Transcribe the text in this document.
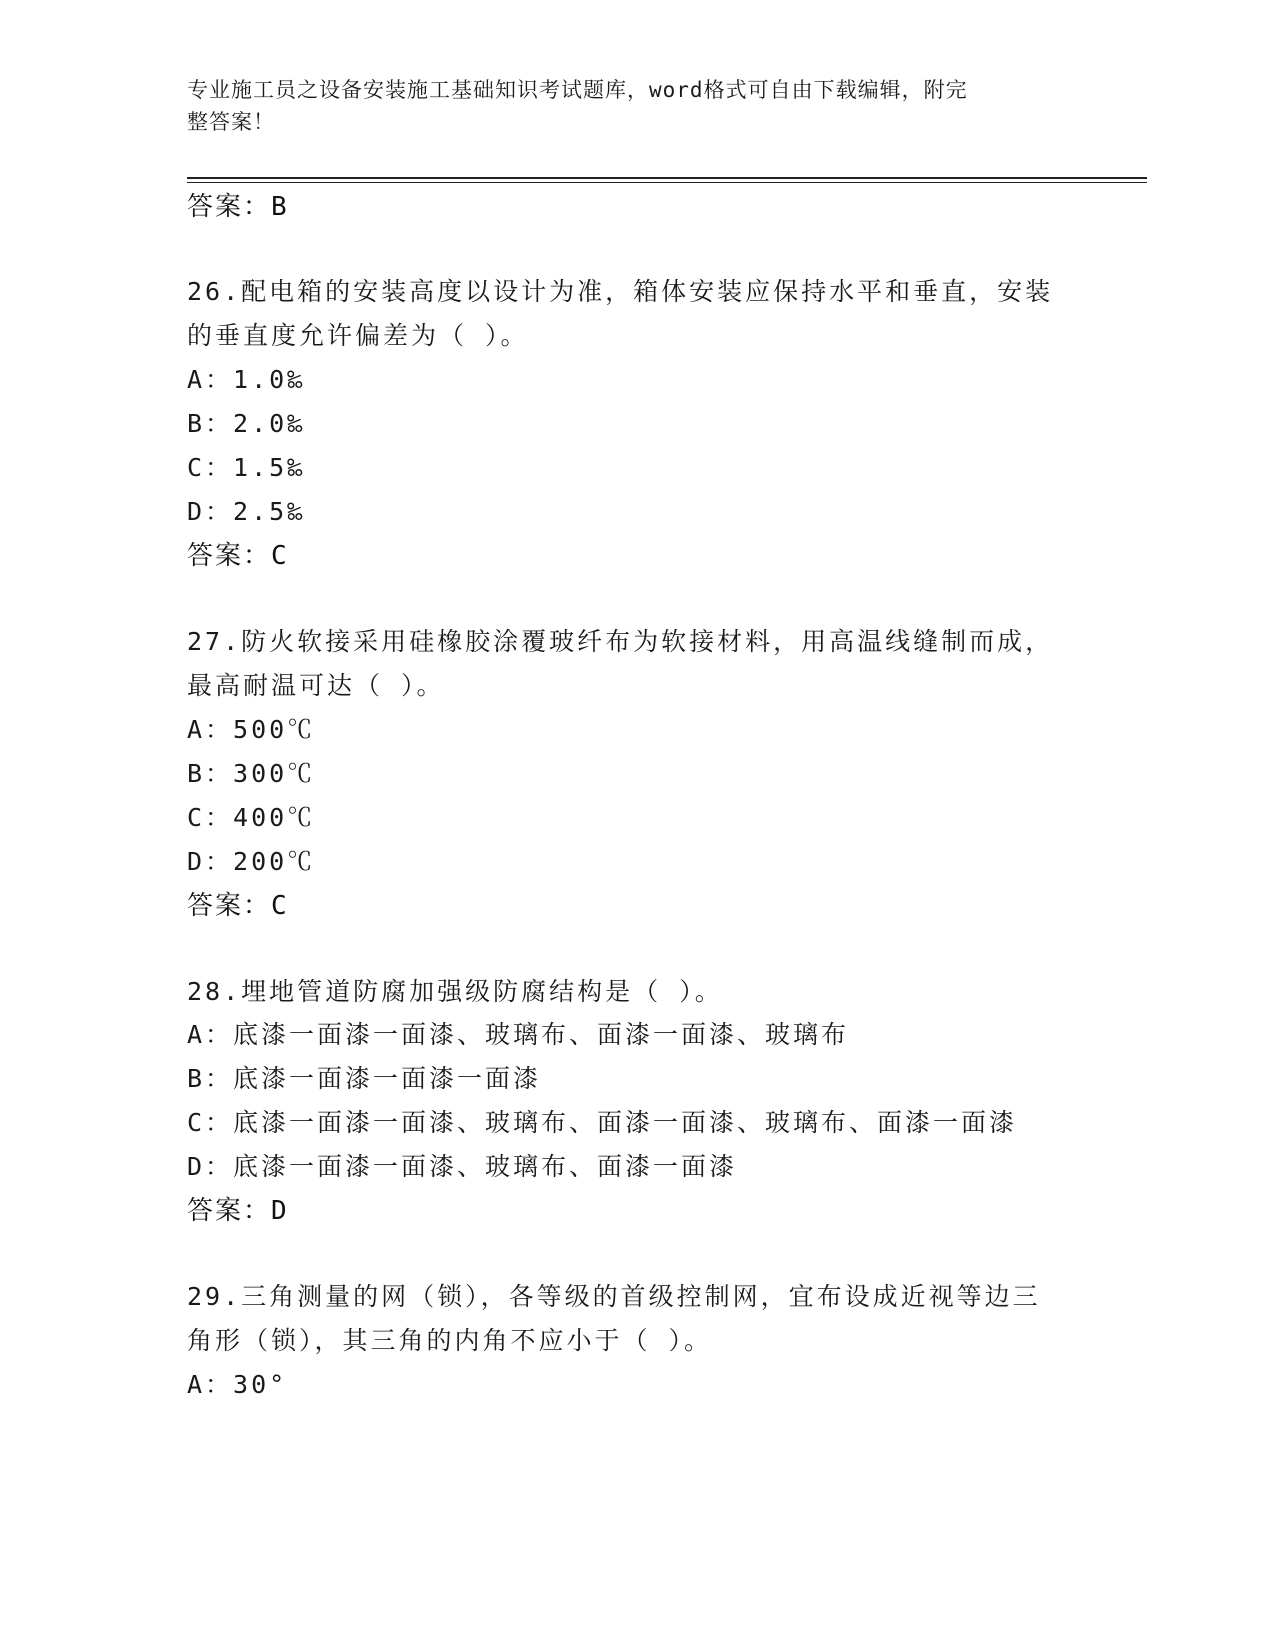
专业施工员之设备安装施工基础知识考试题库，word格式可自由下载编辑，附完
整答案！
答案：B
26.配电箱的安装高度以设计为准，箱体安装应保持水平和垂直，安装
的垂直度允许偏差为（ ）。
A：1.0‰
B：2.0‰
C：1.5‰
D：2.5‰
答案：C
27.防火软接采用硅橡胶涂覆玻纤布为软接材料，用高温线缝制而成，
最高耐温可达（ ）。
A：500℃
B：300℃
C：400℃
D：200℃
答案：C
28.埋地管道防腐加强级防腐结构是（ ）。
A：底漆一面漆一面漆、玻璃布、面漆一面漆、玻璃布
B：底漆一面漆一面漆一面漆
C：底漆一面漆一面漆、玻璃布、面漆一面漆、玻璃布、面漆一面漆
D：底漆一面漆一面漆、玻璃布、面漆一面漆
答案：D
29.三角测量的网（锁），各等级的首级控制网，宜布设成近视等边三
角形（锁），其三角的内角不应小于（ ）。
A：30°
